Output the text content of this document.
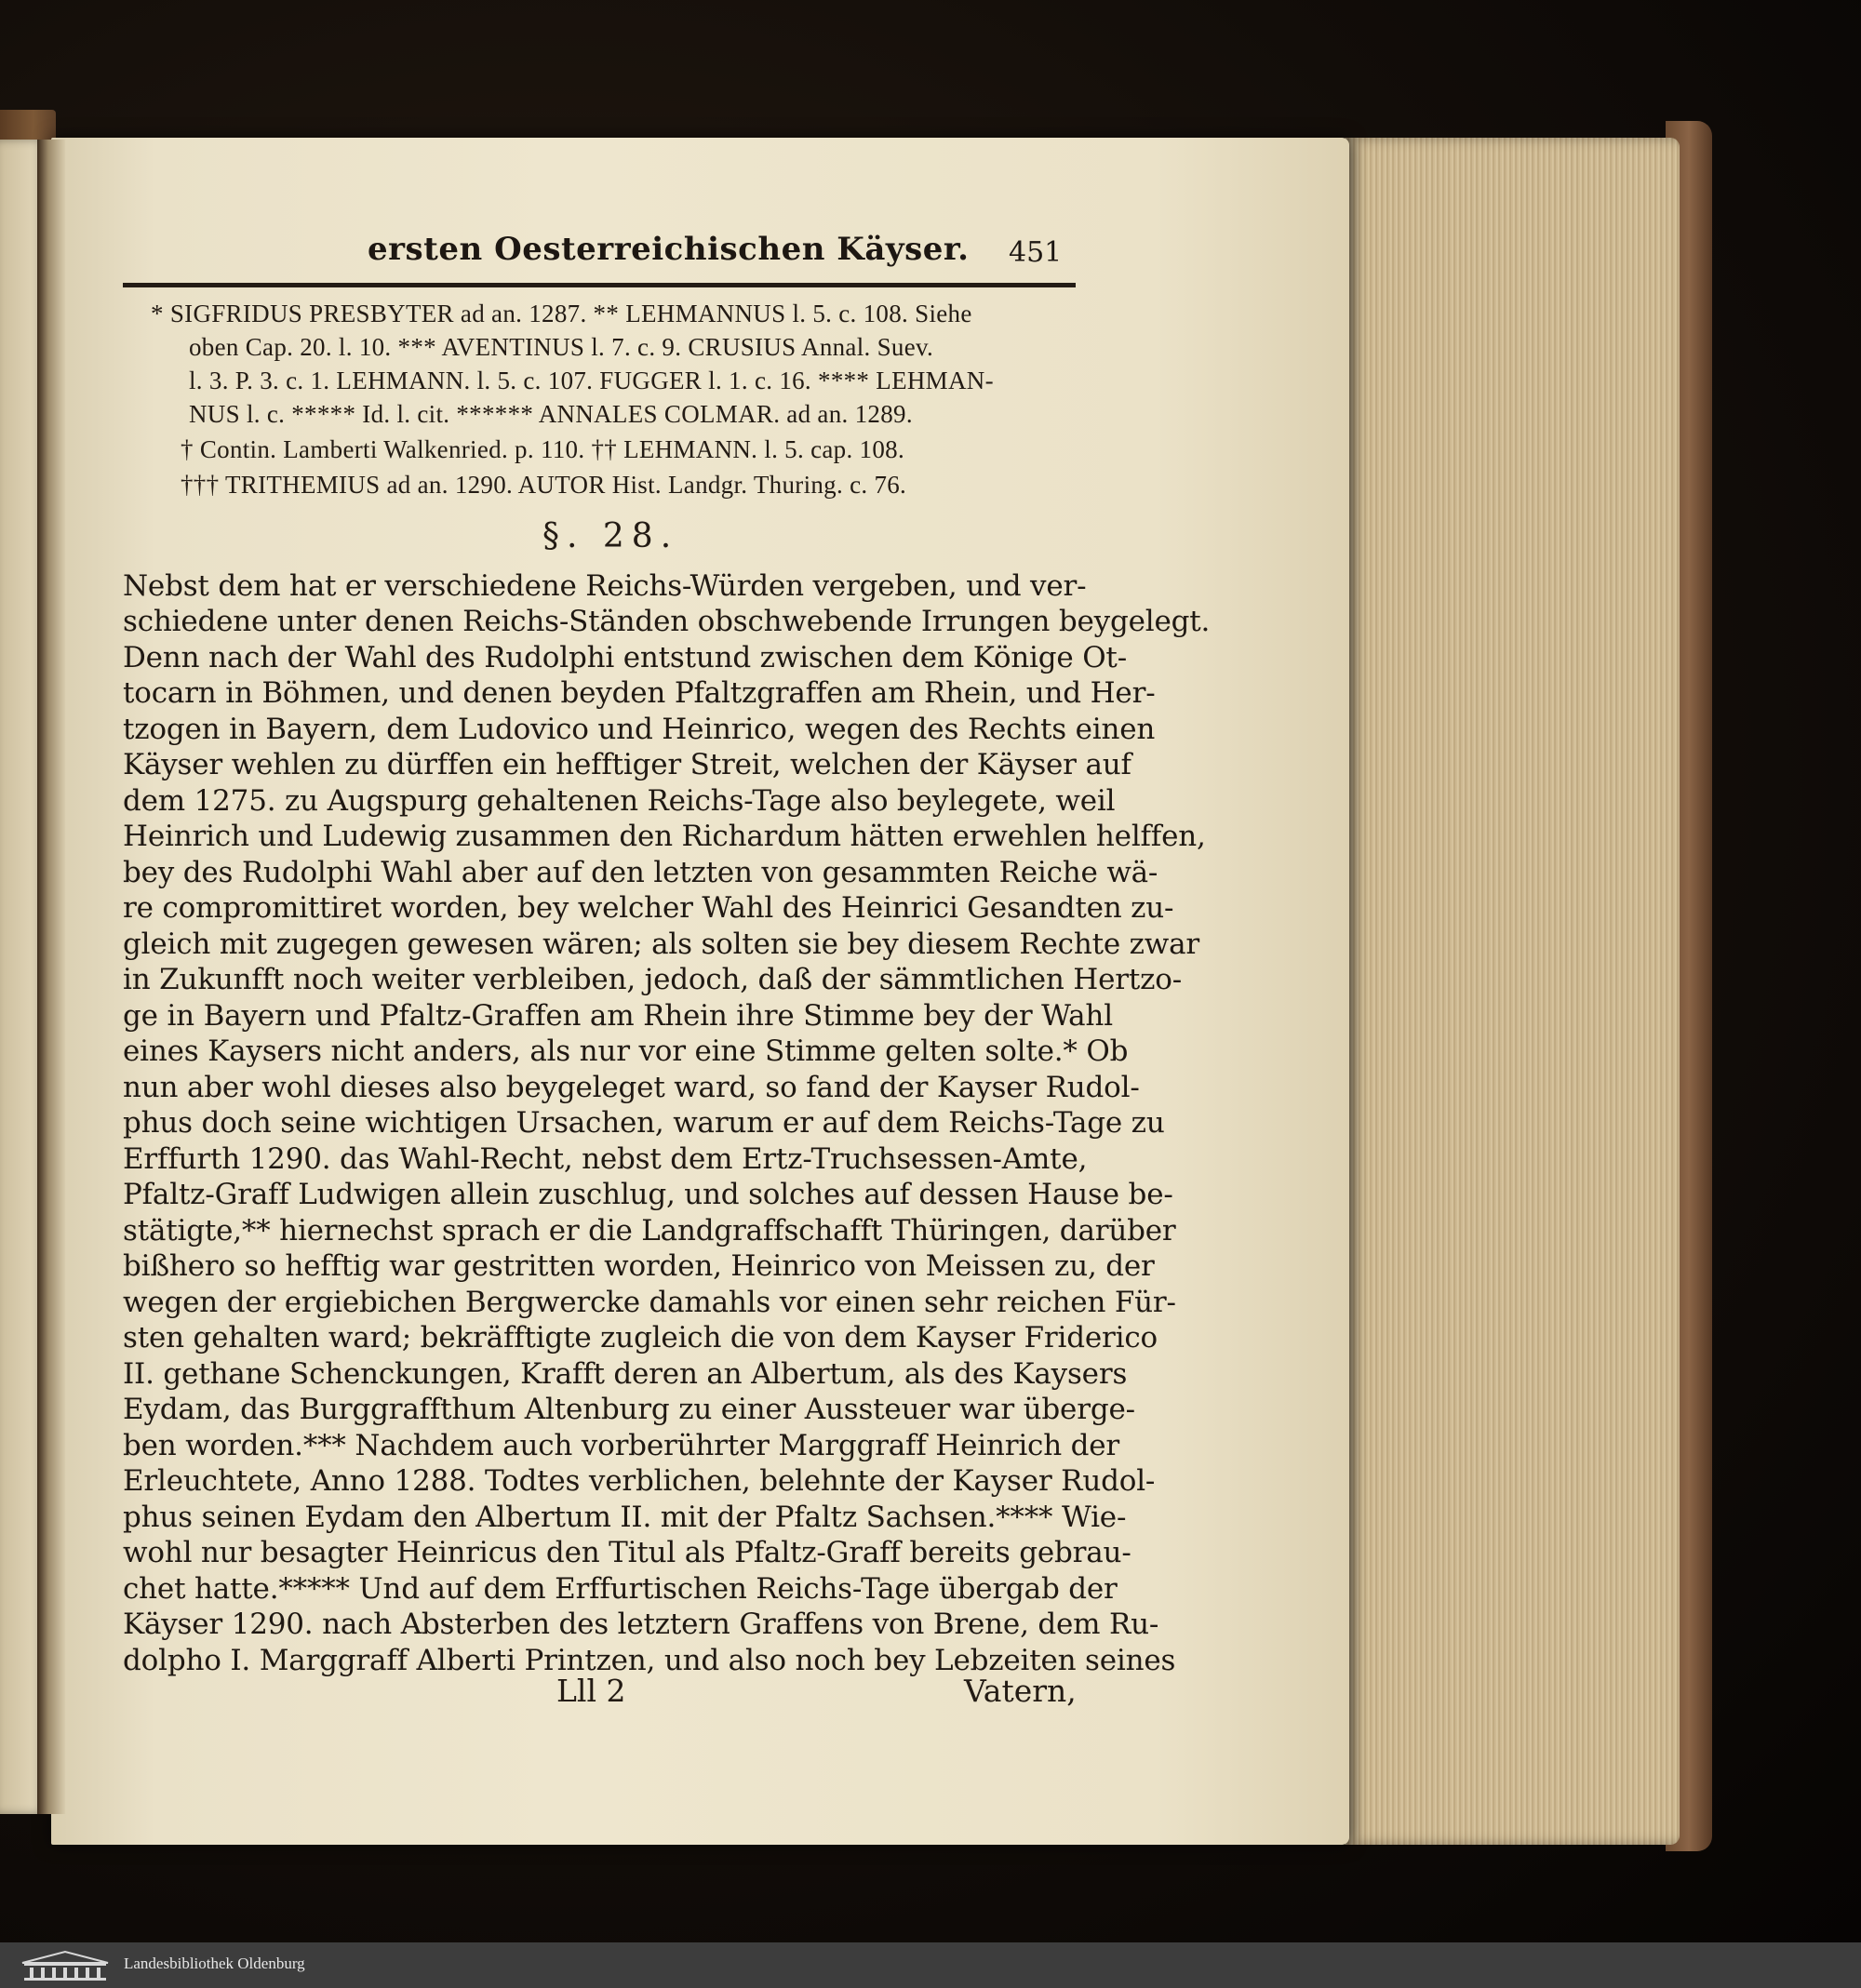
ersten Oesterreichischen Käyser. 451
* SIGFRIDUS PRESBYTER ad an. 1287. ** LEHMANNUS l. 5. c. 108. Siehe
oben Cap. 20. l. 10. *** AVENTINUS l. 7. c. 9. CRUSIUS Annal. Suev.
l. 3. P. 3. c. 1. LEHMANN. l. 5. c. 107. FUGGER l. 1. c. 16. **** LEHMAN-
NUS l. c. ***** Id. l. cit. ****** ANNALES COLMAR. ad an. 1289.
† Contin. Lamberti Walkenried. p. 110. †† LEHMANN. l. 5. cap. 108.
††† TRITHEMIUS ad an. 1290. AUTOR Hist. Landgr. Thuring. c. 76.
§. 28.
Nebst dem hat er verschiedene Reichs-Würden vergeben, und ver-
schiedene unter denen Reichs-Ständen obschwebende Irrungen beygelegt.
Denn nach der Wahl des Rudolphi entstund zwischen dem Könige Ot-
tocarn in Böhmen, und denen beyden Pfaltzgraffen am Rhein, und Her-
tzogen in Bayern, dem Ludovico und Heinrico, wegen des Rechts einen
Käyser wehlen zu dürffen ein hefftiger Streit, welchen der Käyser auf
dem 1275. zu Augspurg gehaltenen Reichs-Tage also beylegete, weil
Heinrich und Ludewig zusammen den Richardum hätten erwehlen helffen,
bey des Rudolphi Wahl aber auf den letzten von gesammten Reiche wä-
re compromittiret worden, bey welcher Wahl des Heinrici Gesandten zu-
gleich mit zugegen gewesen wären; als solten sie bey diesem Rechte zwar
in Zukunfft noch weiter verbleiben, jedoch, daß der sämmtlichen Hertzo-
ge in Bayern und Pfaltz-Graffen am Rhein ihre Stimme bey der Wahl
eines Kaysers nicht anders, als nur vor eine Stimme gelten solte.* Ob
nun aber wohl dieses also beygeleget ward, so fand der Kayser Rudol-
phus doch seine wichtigen Ursachen, warum er auf dem Reichs-Tage zu
Erffurth 1290. das Wahl-Recht, nebst dem Ertz-Truchsessen-Amte,
Pfaltz-Graff Ludwigen allein zuschlug, und solches auf dessen Hause be-
stätigte,** hiernechst sprach er die Landgraffschafft Thüringen, darüber
bißhero so hefftig war gestritten worden, Heinrico von Meissen zu, der
wegen der ergiebichen Bergwercke damahls vor einen sehr reichen Für-
sten gehalten ward; bekräfftigte zugleich die von dem Kayser Friderico
II. gethane Schenckungen, Krafft deren an Albertum, als des Kaysers
Eydam, das Burggraffthum Altenburg zu einer Aussteuer war überge-
ben worden.*** Nachdem auch vorberührter Marggraff Heinrich der
Erleuchtete, Anno 1288. Todtes verblichen, belehnte der Kayser Rudol-
phus seinen Eydam den Albertum II. mit der Pfaltz Sachsen.**** Wie-
wohl nur besagter Heinricus den Titul als Pfaltz-Graff bereits gebrau-
chet hatte.***** Und auf dem Erffurtischen Reichs-Tage übergab der
Käyser 1290. nach Absterben des letztern Graffens von Brene, dem Ru-
dolpho I. Marggraff Alberti Printzen, und also noch bey Lebzeiten seines
Lll 2	Vatern,
Landesbibliothek Oldenburg
